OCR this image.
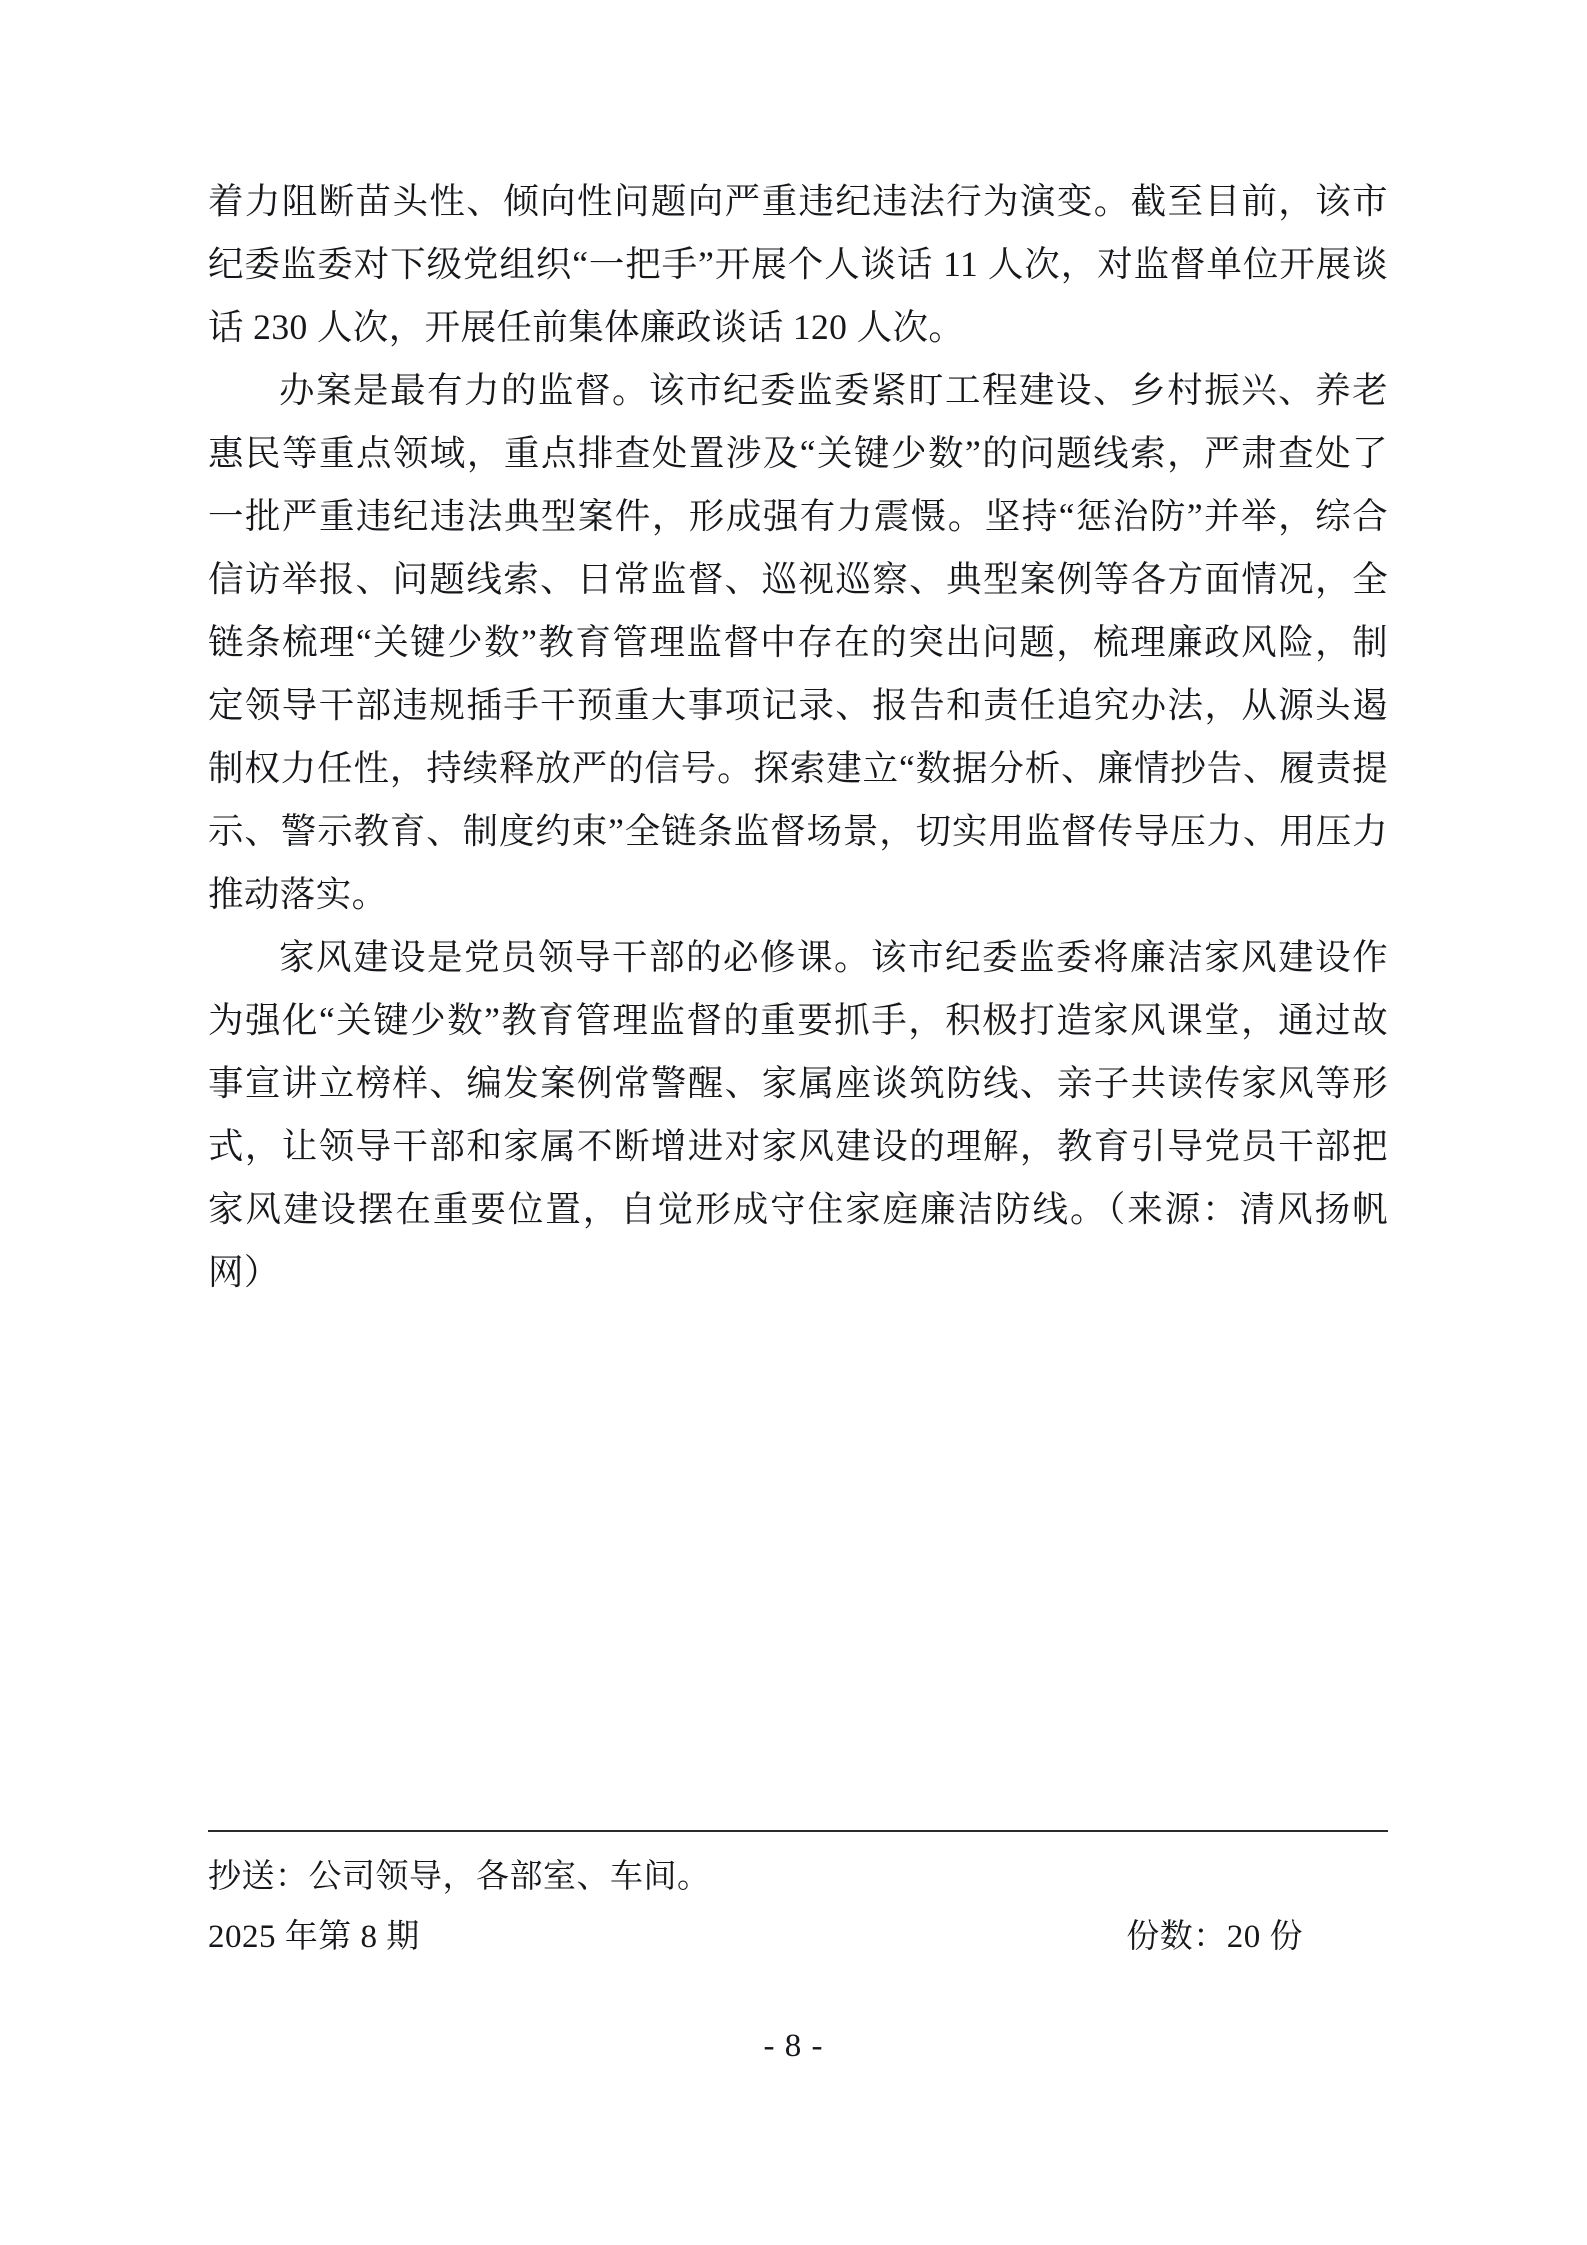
着力阻断苗头性、倾向性问题向严重违纪违法行为演变。截至目前，该市纪委监委对下级党组织“一把手”开展个人谈话 11 人次，对监督单位开展谈话 230 人次，开展任前集体廉政谈话 120 人次。

办案是最有力的监督。该市纪委监委紧盯工程建设、乡村振兴、养老惠民等重点领域，重点排查处置涉及“关键少数”的问题线索，严肃查处了一批严重违纪违法典型案件，形成强有力震慑。坚持“惩治防”并举，综合信访举报、问题线索、日常监督、巡视巡察、典型案例等各方面情况，全链条梳理“关键少数”教育管理监督中存在的突出问题，梳理廉政风险，制定领导干部违规插手干预重大事项记录、报告和责任追究办法，从源头遏制权力任性，持续释放严的信号。探索建立“数据分析、廉情抄告、履责提示、警示教育、制度约束”全链条监督场景，切实用监督传导压力、用压力推动落实。

家风建设是党员领导干部的必修课。该市纪委监委将廉洁家风建设作为强化“关键少数”教育管理监督的重要抓手，积极打造家风课堂，通过故事宣讲立榜样、编发案例常警醒、家属座谈筑防线、亲子共读传家风等形式，让领导干部和家属不断增进对家风建设的理解，教育引导党员干部把家风建设摆在重要位置，自觉形成守住家庭廉洁防线。（来源：清风扬帆网）

抄送：公司领导，各部室、车间。
2025 年第 8 期	份数：20 份
- 8 -
